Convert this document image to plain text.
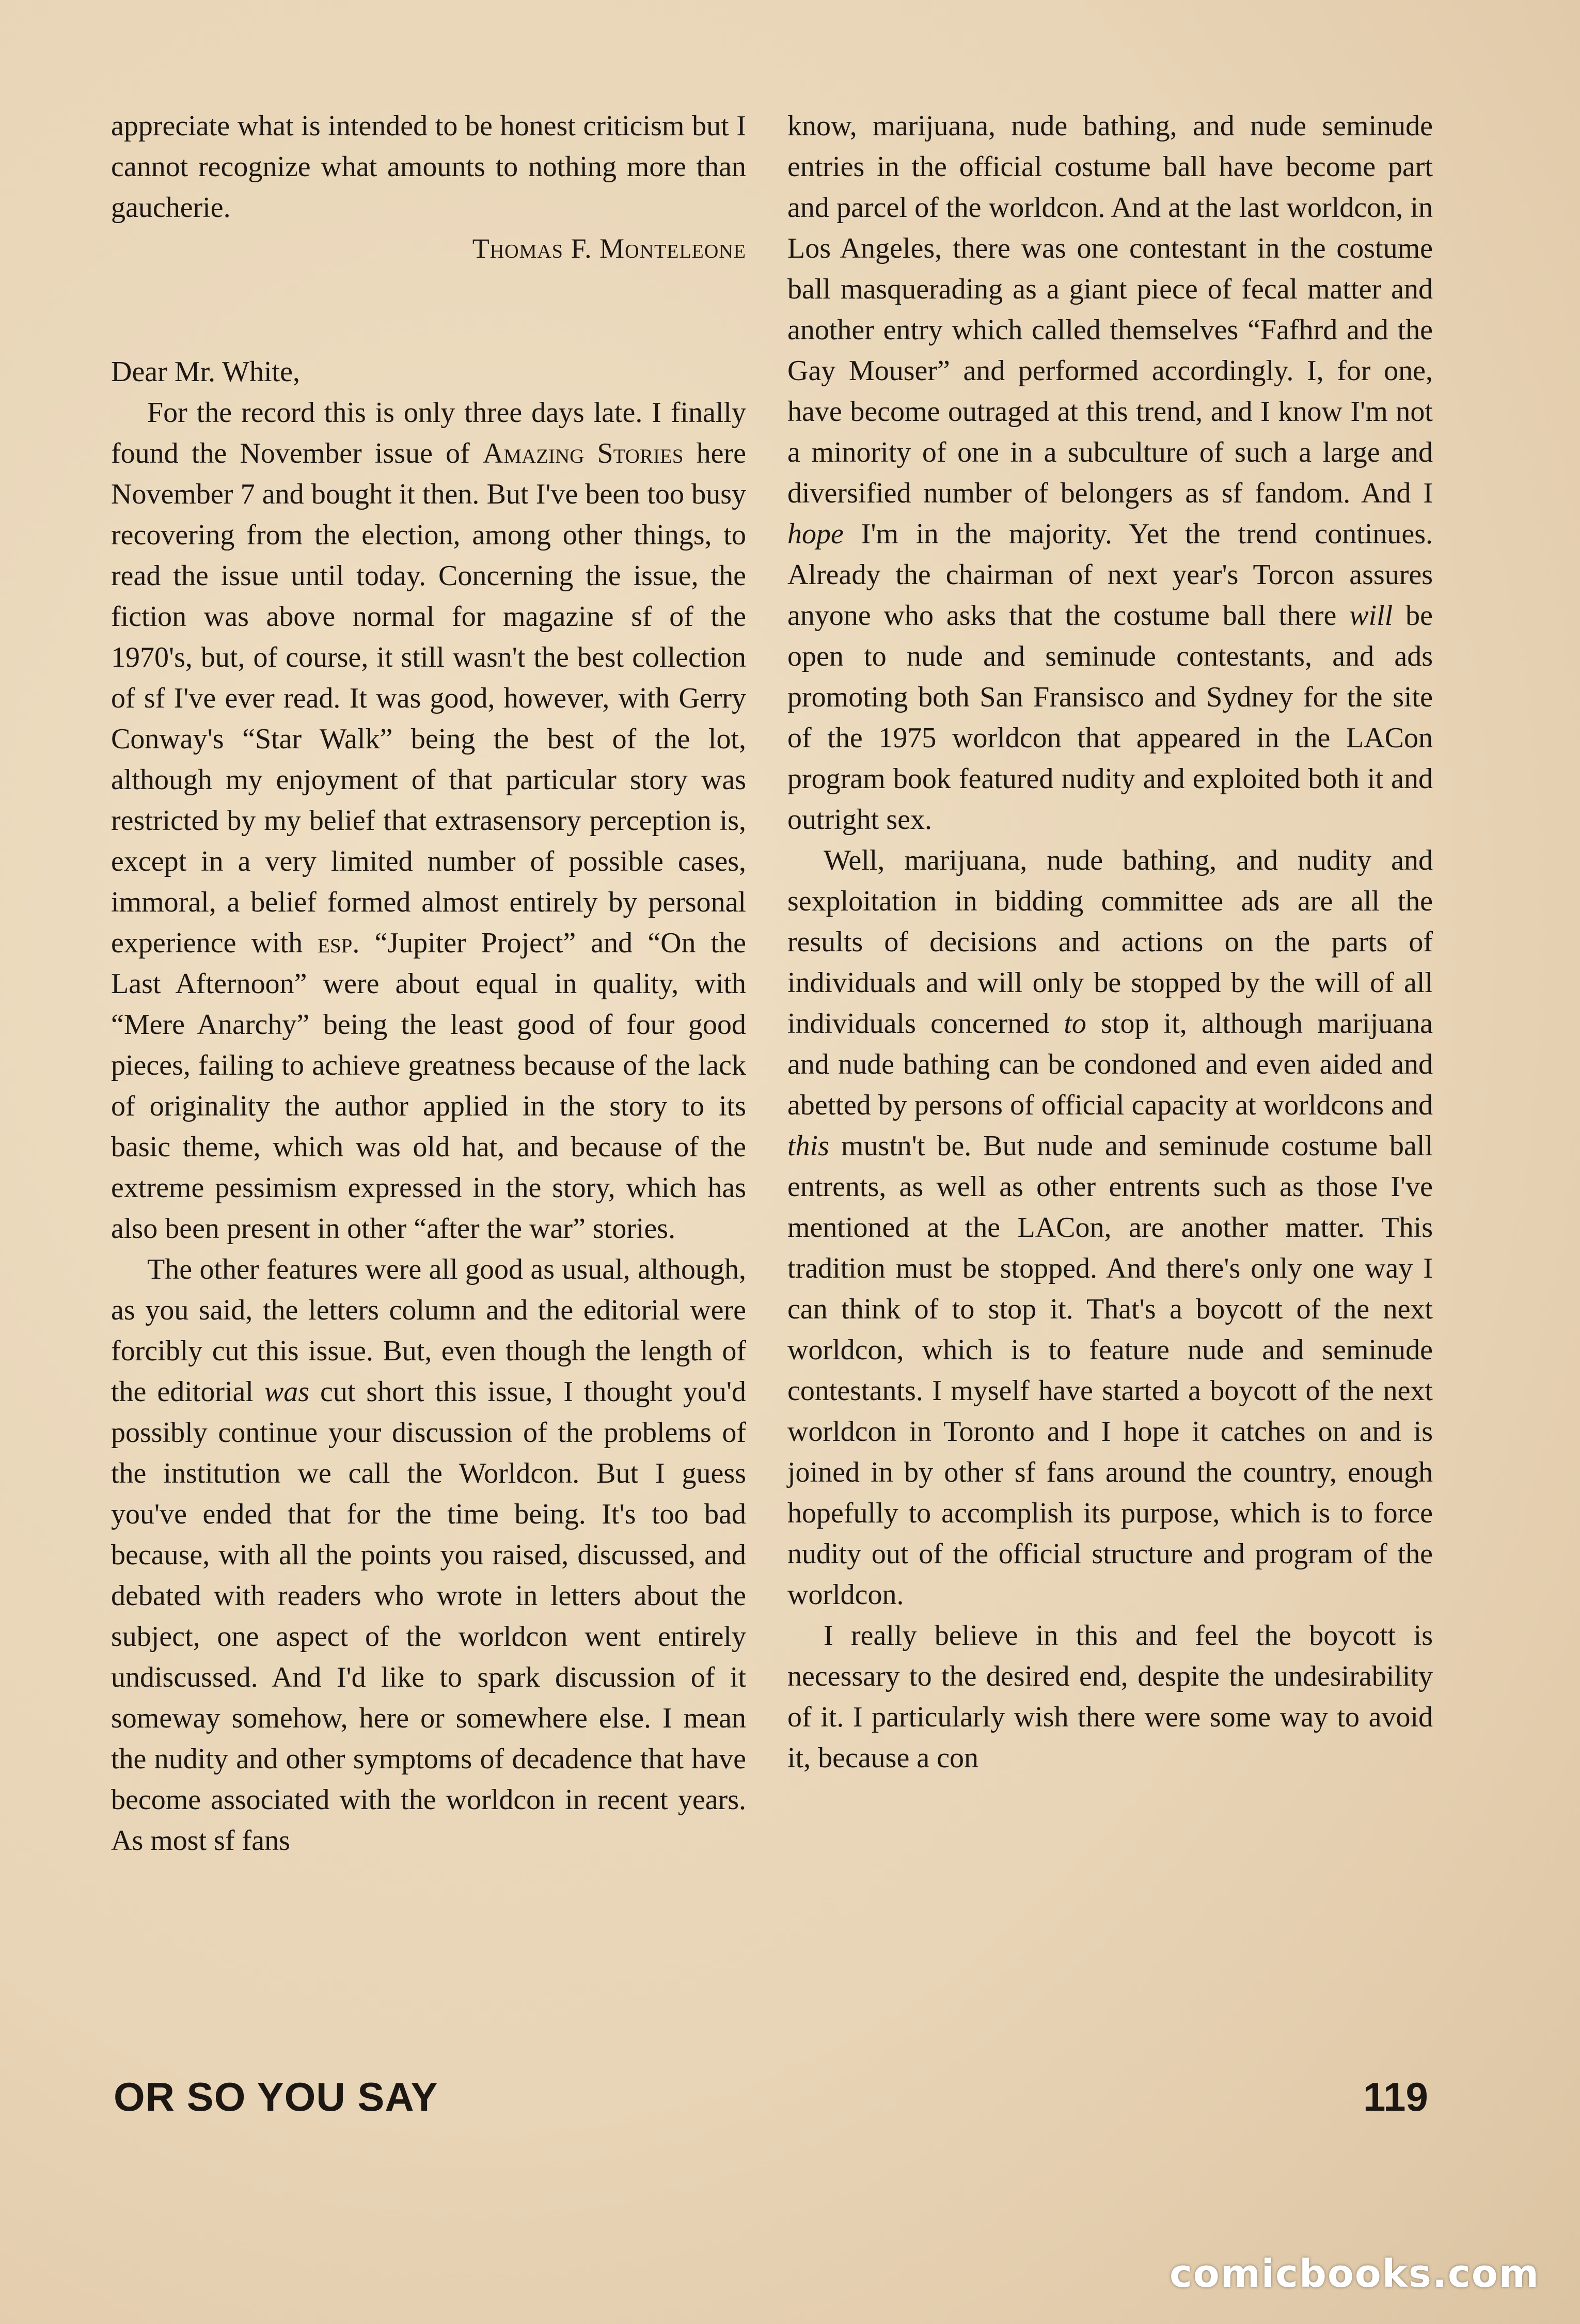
appreciate what is intended to be honest criticism but I cannot recognize what amounts to nothing more than gaucherie.

Thomas F. Monteleone

Dear Mr. White,

For the record this is only three days late. I finally found the November issue of Amazing Stories here November 7 and bought it then. But I've been too busy recovering from the election, among other things, to read the issue until today. Concerning the issue, the fiction was above normal for magazine sf of the 1970's, but, of course, it still wasn't the best collection of sf I've ever read. It was good, however, with Gerry Conway's “Star Walk” being the best of the lot, although my enjoyment of that particular story was restricted by my belief that extrasensory perception is, except in a very limited number of possible cases, immoral, a belief formed almost entirely by personal experience with esp. “Jupiter Project” and “On the Last Afternoon” were about equal in quality, with “Mere Anarchy” being the least good of four good pieces, failing to achieve greatness because of the lack of originality the author applied in the story to its basic theme, which was old hat, and because of the extreme pessimism expressed in the story, which has also been present in other “after the war” stories.

The other features were all good as usual, although, as you said, the letters column and the editorial were forcibly cut this issue. But, even though the length of the editorial was cut short this issue, I thought you'd possibly continue your discussion of the problems of the institution we call the Worldcon. But I guess you've ended that for the time being. It's too bad because, with all the points you raised, discussed, and debated with readers who wrote in letters about the subject, one aspect of the worldcon went entirely undiscussed. And I'd like to spark discussion of it someway somehow, here or somewhere else. I mean the nudity and other symptoms of decadence that have become associated with the worldcon in recent years. As most sf fans

know, marijuana, nude bathing, and nude seminude entries in the official costume ball have become part and parcel of the worldcon. And at the last worldcon, in Los Angeles, there was one contestant in the costume ball masquerading as a giant piece of fecal matter and another entry which called themselves “Fafhrd and the Gay Mouser” and performed accordingly. I, for one, have become outraged at this trend, and I know I'm not a minority of one in a subculture of such a large and diversified number of belongers as sf fandom. And I hope I'm in the majority. Yet the trend continues. Already the chairman of next year's Torcon assures anyone who asks that the costume ball there will be open to nude and seminude contestants, and ads promoting both San Fransisco and Sydney for the site of the 1975 worldcon that appeared in the LACon program book featured nudity and exploited both it and outright sex.

Well, marijuana, nude bathing, and nudity and sexploitation in bidding committee ads are all the results of decisions and actions on the parts of individuals and will only be stopped by the will of all individuals concerned to stop it, although marijuana and nude bathing can be condoned and even aided and abetted by persons of official capacity at worldcons and this mustn't be. But nude and seminude costume ball entrents, as well as other entrents such as those I've mentioned at the LACon, are another matter. This tradition must be stopped. And there's only one way I can think of to stop it. That's a boycott of the next worldcon, which is to feature nude and seminude contestants. I myself have started a boycott of the next worldcon in Toronto and I hope it catches on and is joined in by other sf fans around the country, enough hopefully to accomplish its purpose, which is to force nudity out of the official structure and program of the worldcon.

I really believe in this and feel the boycott is necessary to the desired end, despite the undesirability of it. I particularly wish there were some way to avoid it, because a con

OR SO YOU SAY	119
comicbooks.com
